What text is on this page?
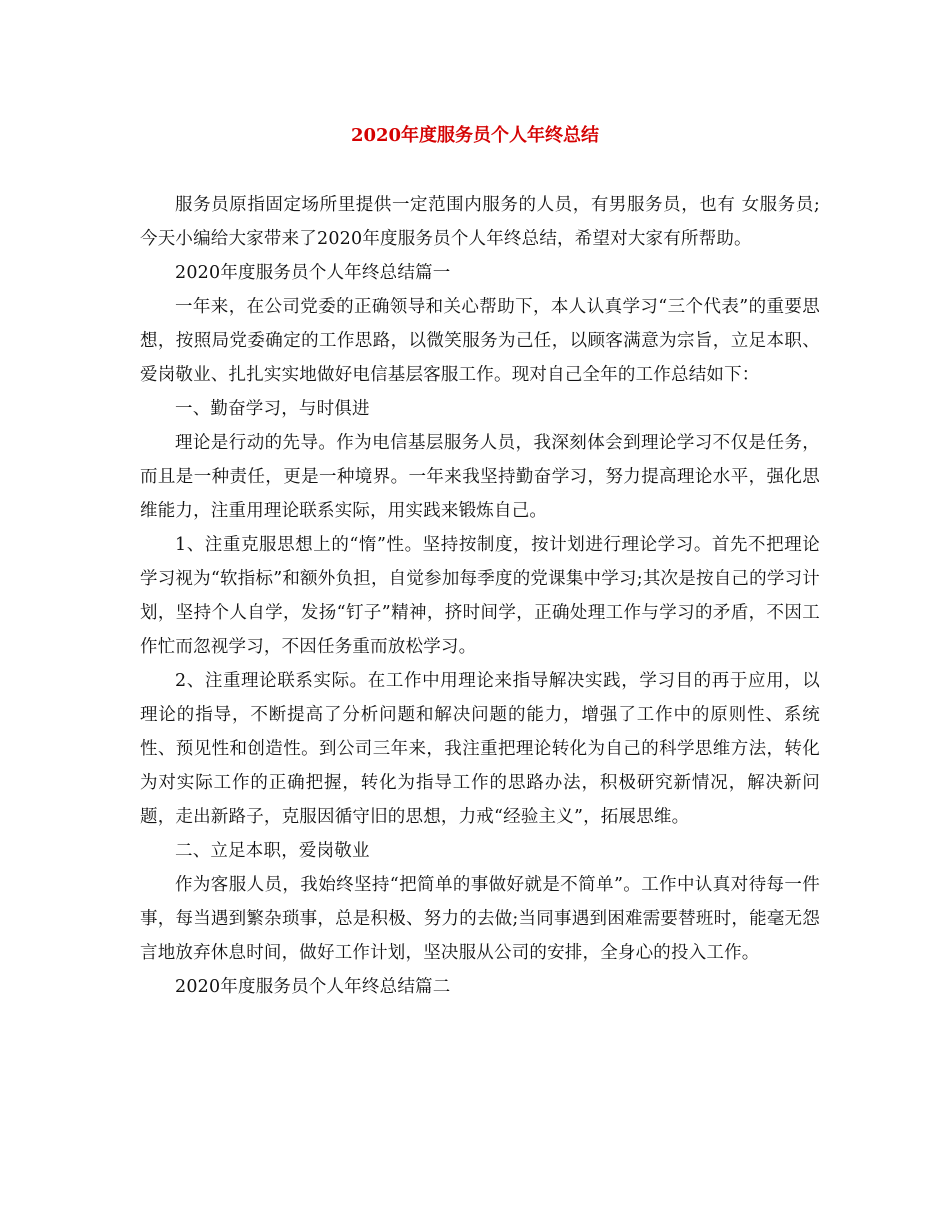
2020年度服务员个人年终总结

服务员原指固定场所里提供一定范围内服务的人员，有男服务员，也有 女服务员;今天小编给大家带来了2020年度服务员个人年终总结，希望对大家有所帮助。

2020年度服务员个人年终总结篇一

一年来，在公司党委的正确领导和关心帮助下，本人认真学习“三个代表”的重要思想，按照局党委确定的工作思路，以微笑服务为己任，以顾客满意为宗旨，立足本职、爱岗敬业、扎扎实实地做好电信基层客服工作。现对自己全年的工作总结如下：

一、勤奋学习，与时俱进

理论是行动的先导。作为电信基层服务人员，我深刻体会到理论学习不仅是任务，而且是一种责任，更是一种境界。一年来我坚持勤奋学习，努力提高理论水平，强化思维能力，注重用理论联系实际，用实践来锻炼自己。

1、注重克服思想上的“惰”性。坚持按制度，按计划进行理论学习。首先不把理论学习视为“软指标”和额外负担，自觉参加每季度的党课集中学习;其次是按自己的学习计划，坚持个人自学，发扬“钉子”精神，挤时间学，正确处理工作与学习的矛盾，不因工作忙而忽视学习，不因任务重而放松学习。

2、注重理论联系实际。在工作中用理论来指导解决实践，学习目的再于应用，以理论的指导，不断提高了分析问题和解决问题的能力，增强了工作中的原则性、系统性、预见性和创造性。到公司三年来，我注重把理论转化为自己的科学思维方法，转化为对实际工作的正确把握，转化为指导工作的思路办法，积极研究新情况，解决新问题，走出新路子，克服因循守旧的思想，力戒“经验主义”，拓展思维。

二、立足本职，爱岗敬业

作为客服人员，我始终坚持“把简单的事做好就是不简单”。工作中认真对待每一件事，每当遇到繁杂琐事，总是积极、努力的去做;当同事遇到困难需要替班时，能毫无怨言地放弃休息时间，做好工作计划，坚决服从公司的安排，全身心的投入工作。

2020年度服务员个人年终总结篇二
